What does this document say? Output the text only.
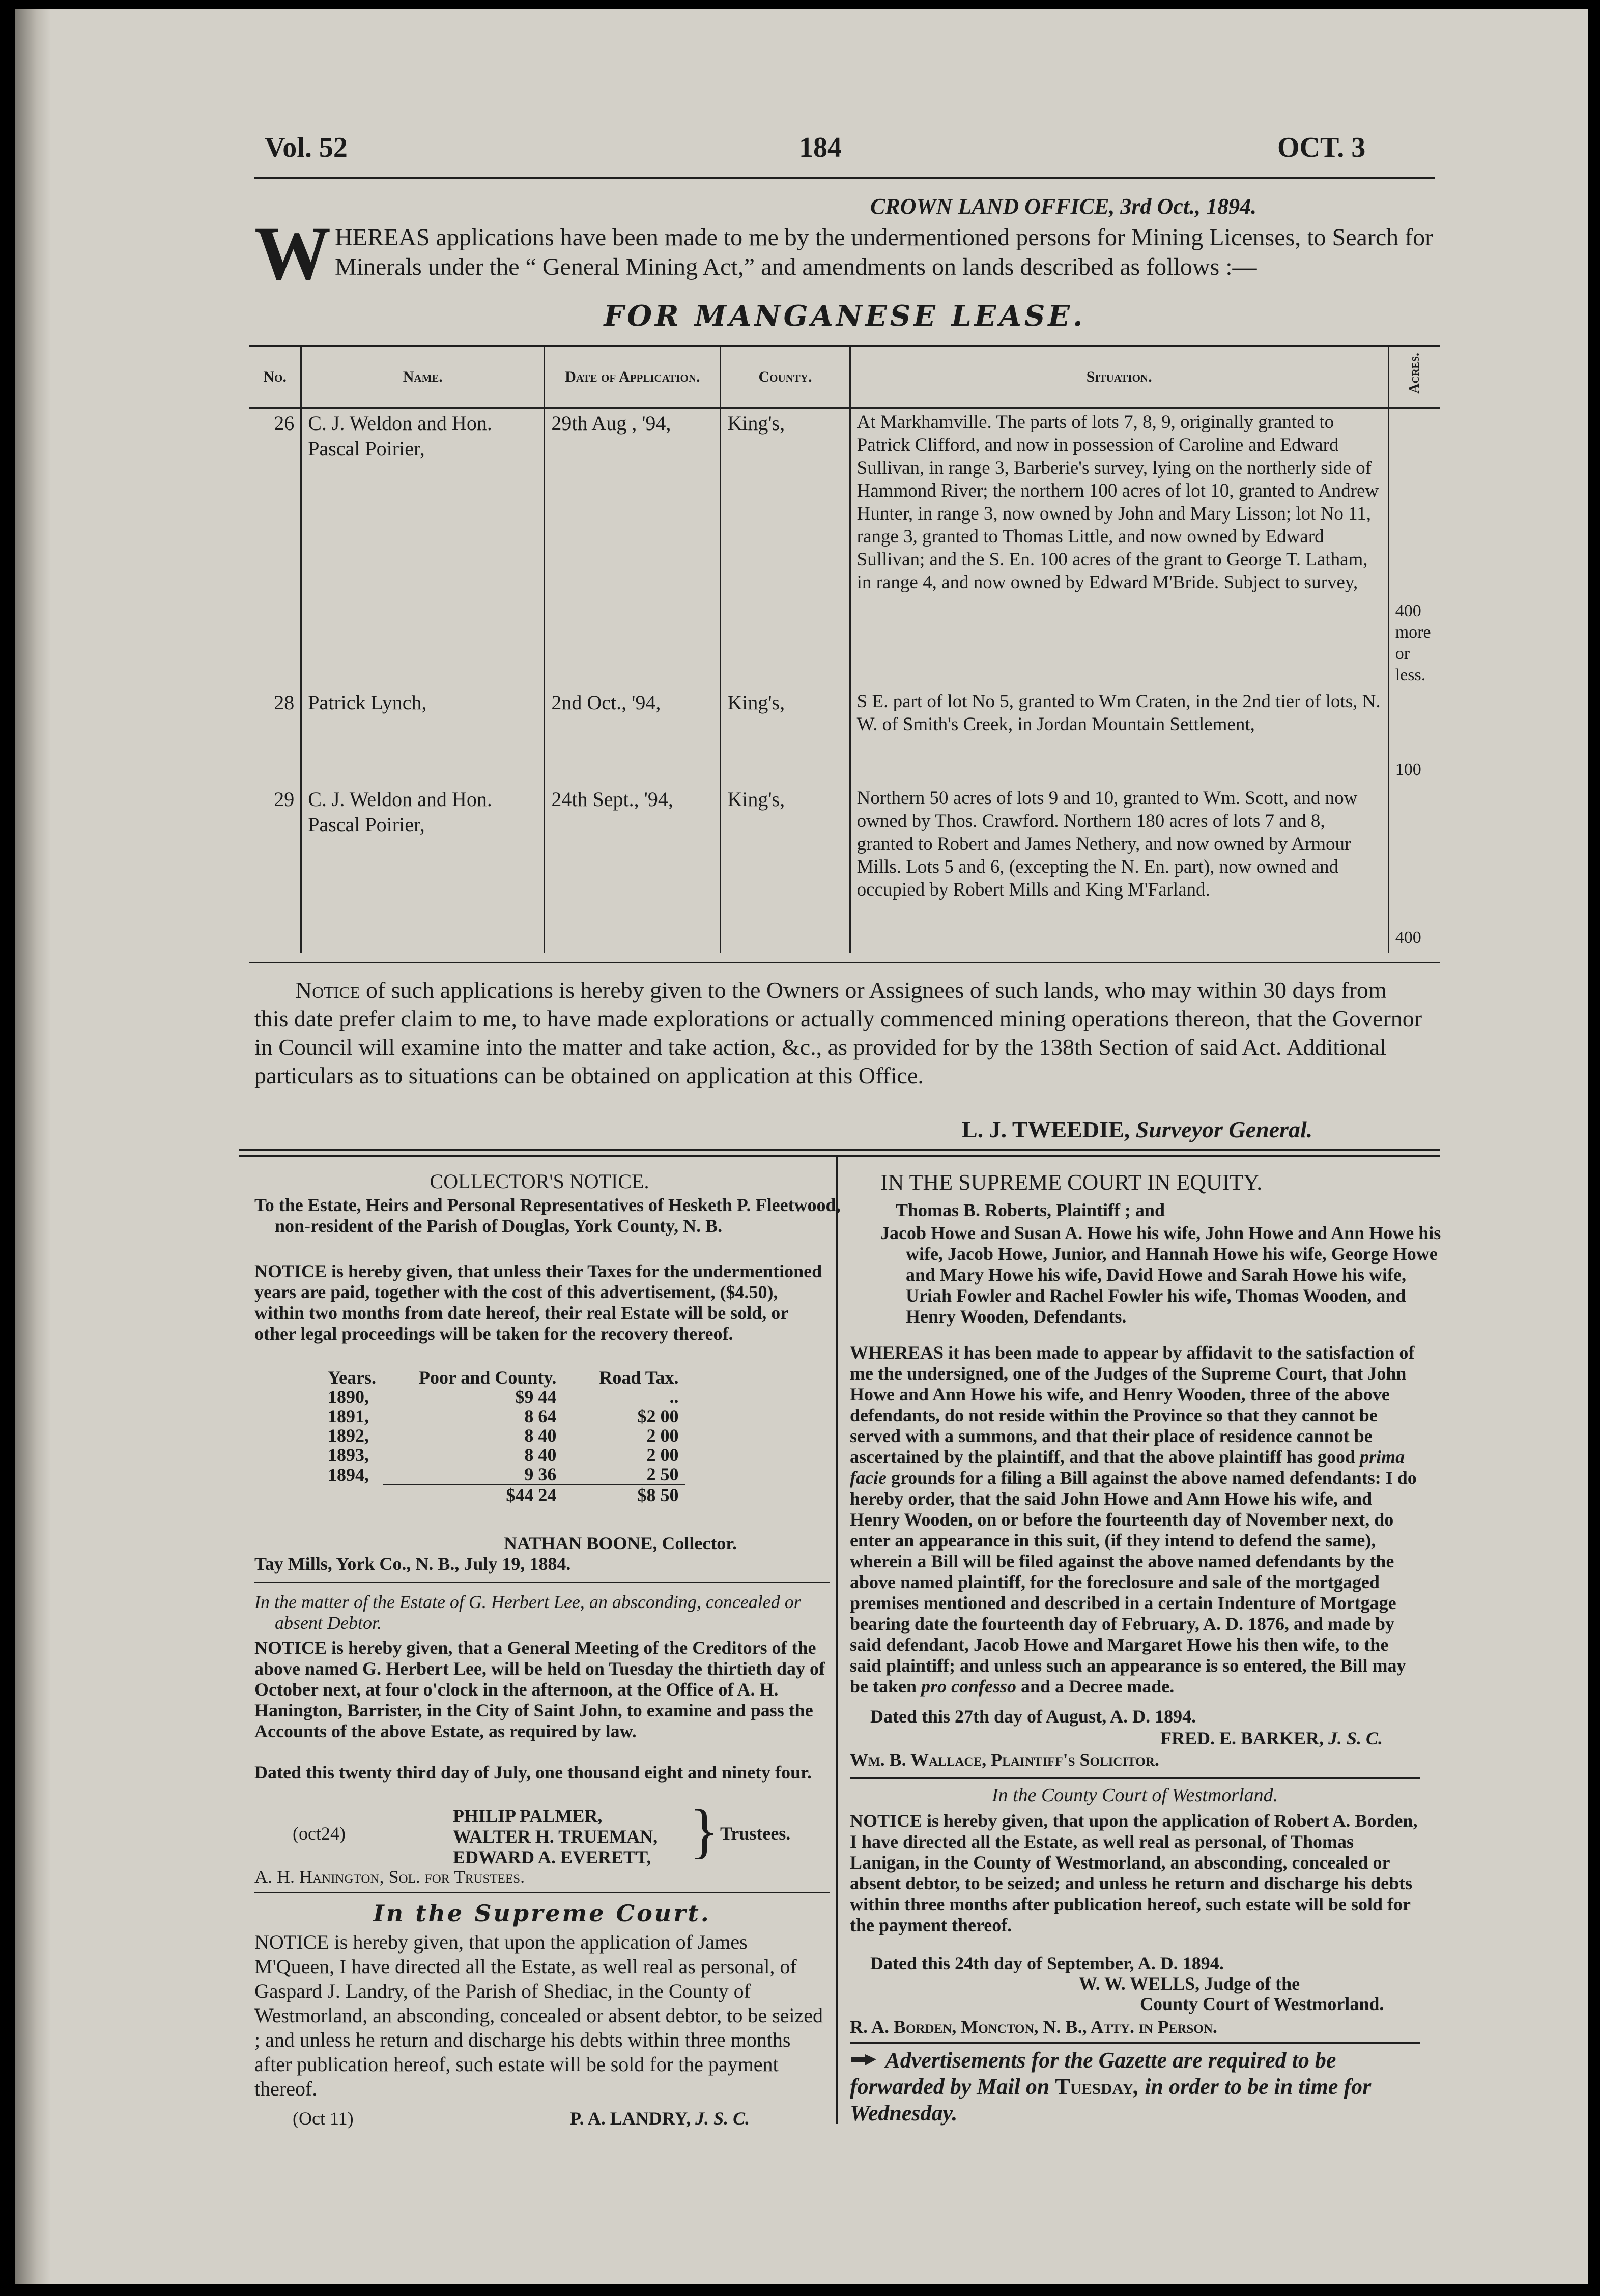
Vol. 52	184	OCT. 3
CROWN LAND OFFICE, 3rd Oct., 1894.
W HEREAS applications have been made to me by the undermentioned persons for Mining Licenses, to Search for Minerals under the “ General Mining Act,” and amendments on lands described as follows :—
FOR MANGANESE LEASE.
No.	Name.	Date of Application.	County.	Situation.	Acres.
26	C. J. Weldon and Hon. Pascal Poirier,	29th Aug , '94,	King's,	At Markhamville. The parts of lots 7, 8, 9, originally granted to Patrick Clifford, and now in possession of Caroline and Edward Sullivan, in range 3, Barberie's survey, lying on the northerly side of Hammond River; the northern 100 acres of lot 10, granted to Andrew Hunter, in range 3, now owned by John and Mary Lisson; lot No 11, range 3, granted to Thomas Little, and now owned by Edward Sullivan; and the S. En. 100 acres of the grant to George T. Latham, in range 4, and now owned by Edward M'Bride. Subject to survey,	400 more or less.
28	Patrick Lynch,	2nd Oct., '94,	King's,	S E. part of lot No 5, granted to Wm Craten, in the 2nd tier of lots, N. W. of Smith's Creek, in Jordan Mountain Settlement,	100
29	C. J. Weldon and Hon. Pascal Poirier,	24th Sept., '94,	King's,	Northern 50 acres of lots 9 and 10, granted to Wm. Scott, and now owned by Thos. Crawford. Northern 180 acres of lots 7 and 8, granted to Robert and James Nethery, and now owned by Armour Mills. Lots 5 and 6, (excepting the N. En. part), now owned and occupied by Robert Mills and King M'Farland.	400
Notice of such applications is hereby given to the Owners or Assignees of such lands, who may within 30 days from this date prefer claim to me, to have made explorations or actually commenced mining operations thereon, that the Governor in Council will examine into the matter and take action, &c., as provided for by the 138th Section of said Act. Additional particulars as to situations can be obtained on application at this Office.
L. J. TWEEDIE, Surveyor General.
COLLECTOR'S NOTICE.
To the Estate, Heirs and Personal Representatives of Hesketh P. Fleetwood, non-resident of the Parish of Douglas, York County, N. B.
NOTICE is hereby given, that unless their Taxes for the undermentioned years are paid, together with the cost of this advertisement, ($4.50), within two months from date hereof, their real Estate will be sold, or other legal proceedings will be taken for the recovery thereof.
Years.	Poor and County.	Road Tax.
1890,	$9 44	..
1891,	8 64	$2 00
1892,	8 40	2 00
1893,	8 40	2 00
1894,	9 36	2 50
	$44 24	$8 50
NATHAN BOONE, Collector.
Tay Mills, York Co., N. B., July 19, 1884.
In the matter of the Estate of G. Herbert Lee, an absconding, concealed or absent Debtor.
NOTICE is hereby given, that a General Meeting of the Creditors of the above named G. Herbert Lee, will be held on Tuesday the thirtieth day of October next, at four o'clock in the afternoon, at the Office of A. H. Hanington, Barrister, in the City of Saint John, to examine and pass the Accounts of the above Estate, as required by law.
Dated this twenty third day of July, one thousand eight and ninety four.
(oct24)
PHILIP PALMER,
WALTER H. TRUEMAN,
EDWARD A. EVERETT, } Trustees.
A. H. Hanington, Sol. for Trustees.
In the Supreme Court.
NOTICE is hereby given, that upon the application of James M'Queen, I have directed all the Estate, as well real as personal, of Gaspard J. Landry, of the Parish of Shediac, in the County of Westmorland, an absconding, concealed or absent debtor, to be seized ; and unless he return and discharge his debts within three months after publication hereof, such estate will be sold for the payment thereof.
(Oct 11)	P. A. LANDRY, J. S. C.
IN THE SUPREME COURT IN EQUITY.
Thomas B. Roberts, Plaintiff ; and
Jacob Howe and Susan A. Howe his wife, John Howe and Ann Howe his wife, Jacob Howe, Junior, and Hannah Howe his wife, George Howe and Mary Howe his wife, David Howe and Sarah Howe his wife, Uriah Fowler and Rachel Fowler his wife, Thomas Wooden, and Henry Wooden, Defendants.
WHEREAS it has been made to appear by affidavit to the satisfaction of me the undersigned, one of the Judges of the Supreme Court, that John Howe and Ann Howe his wife, and Henry Wooden, three of the above defendants, do not reside within the Province so that they cannot be served with a summons, and that their place of residence cannot be ascertained by the plaintiff, and that the above plaintiff has good prima facie grounds for a filing a Bill against the above named defendants: I do hereby order, that the said John Howe and Ann Howe his wife, and Henry Wooden, on or before the fourteenth day of November next, do enter an appearance in this suit, (if they intend to defend the same), wherein a Bill will be filed against the above named defendants by the above named plaintiff, for the foreclosure and sale of the mortgaged premises mentioned and described in a certain Indenture of Mortgage bearing date the fourteenth day of February, A. D. 1876, and made by said defendant, Jacob Howe and Margaret Howe his then wife, to the said plaintiff; and unless such an appearance is so entered, the Bill may be taken pro confesso and a Decree made.
Dated this 27th day of August, A. D. 1894.
FRED. E. BARKER, J. S. C.
Wm. B. Wallace, Plaintiff's Solicitor.
In the County Court of Westmorland.
NOTICE is hereby given, that upon the application of Robert A. Borden, I have directed all the Estate, as well real as personal, of Thomas Lanigan, in the County of Westmorland, an absconding, concealed or absent debtor, to be seized; and unless he return and discharge his debts within three months after publication hereof, such estate will be sold for the payment thereof.
Dated this 24th day of September, A. D. 1894.
W. W. WELLS, Judge of the
County Court of Westmorland.
R. A. Borden, Moncton, N. B., Atty. in Person.
Advertisements for the Gazette are required to be forwarded by Mail on Tuesday, in order to be in time for Wednesday.
